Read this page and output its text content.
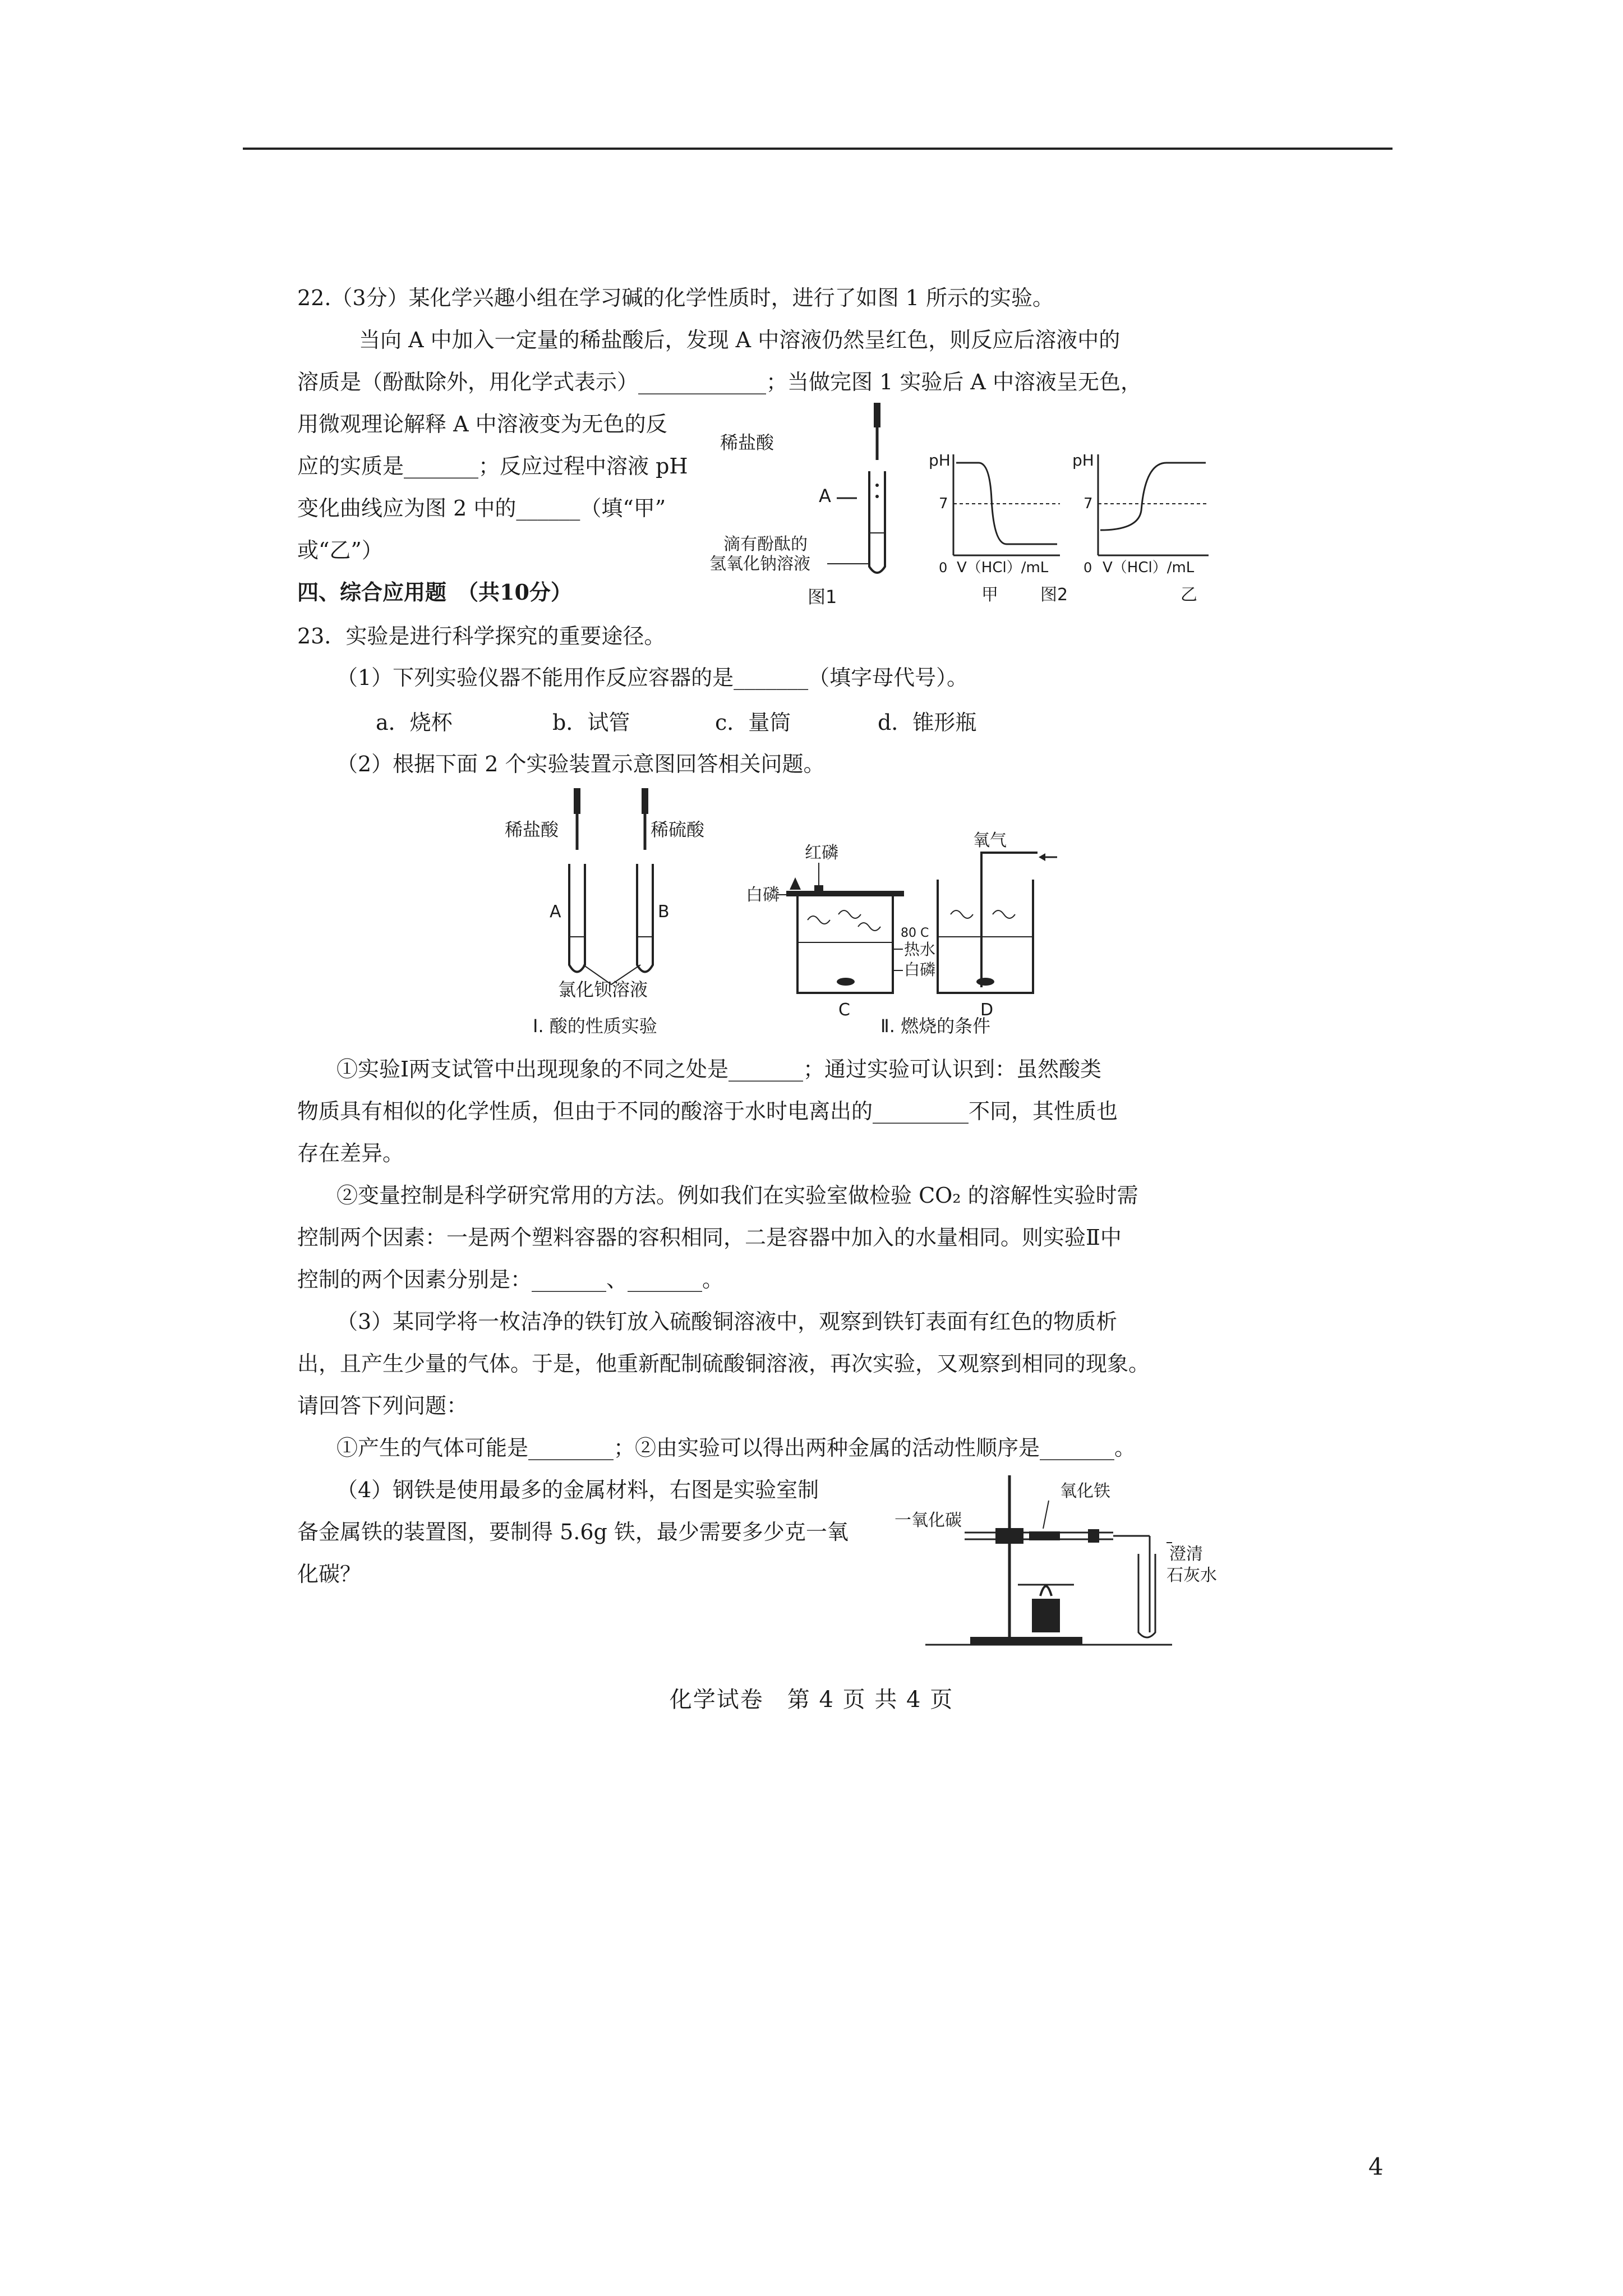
22.（3分）某化学兴趣小组在学习碱的化学性质时，进行了如图 1 所示的实验。
当向 A 中加入一定量的稀盐酸后，发现 A 中溶液仍然呈红色，则反应后溶液中的
溶质是（酚酞除外，用化学式表示）____________；当做完图 1 实验后 A 中溶液呈无色，
用微观理论解释 A 中溶液变为无色的反
应的实质是_______；反应过程中溶液 pH
变化曲线应为图 2 中的______（填“甲”
或“乙”）
稀盐酸
A
滴有酚酞的
氢氧化钠溶液
图1
pH
7
0 V（HCl）/mL
甲	图2
pH
7
0 V（HCl）/mL
乙
四、综合应用题　（共10分）
23．实验是进行科学探究的重要途径。
（1）下列实验仪器不能用作反应容器的是_______（填字母代号）。
a．烧杯	b．试管	c．量筒	d．锥形瓶
（2）根据下面 2 个实验装置示意图回答相关问题。
稀盐酸	稀硫酸
A	B
氯化钡溶液
Ⅰ. 酸的性质实验
红磷
白磷
C
80 C
热水
白磷
D
氧气
Ⅱ. 燃烧的条件
①实验Ⅰ两支试管中出现现象的不同之处是_______；通过实验可认识到：虽然酸类
物质具有相似的化学性质，但由于不同的酸溶于水时电离出的_________不同，其性质也
存在差异。
②变量控制是科学研究常用的方法。例如我们在实验室做检验 CO₂ 的溶解性实验时需
控制两个因素：一是两个塑料容器的容积相同，二是容器中加入的水量相同。则实验Ⅱ中
控制的两个因素分别是：_______、_______。
（3）某同学将一枚洁净的铁钉放入硫酸铜溶液中，观察到铁钉表面有红色的物质析
出，且产生少量的气体。于是，他重新配制硫酸铜溶液，再次实验，又观察到相同的现象。
请回答下列问题：
①产生的气体可能是________；②由实验可以得出两种金属的活动性顺序是_______。
（4）钢铁是使用最多的金属材料，右图是实验室制
备金属铁的装置图，要制得 5.6g 铁，最少需要多少克一氧
化碳？
氧化铁
一氧化碳
澄清
石灰水
化学试卷　第 4 页 共 4 页
4
